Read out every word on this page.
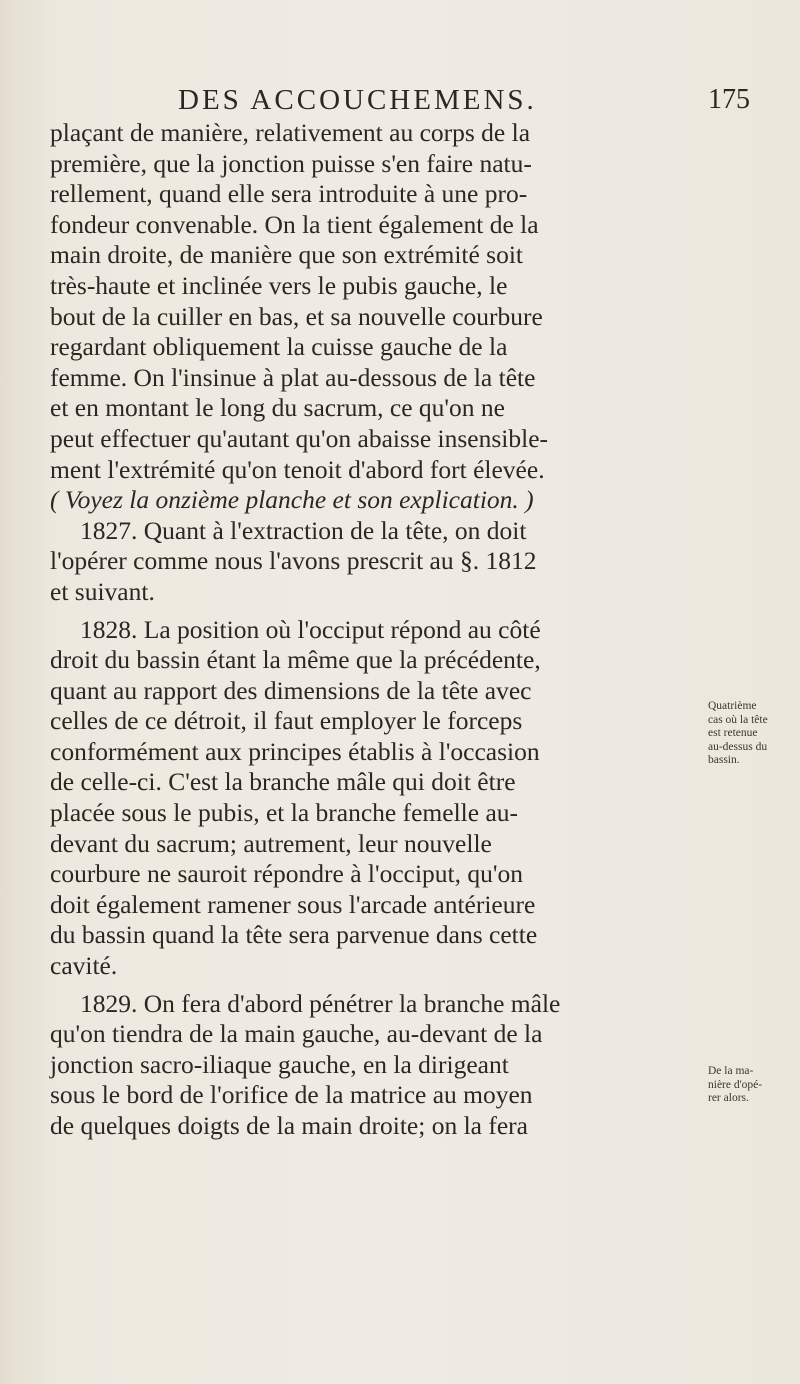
DES ACCOUCHEMENS.	175
plaçant de manière, relativement au corps de la
première, que la jonction puisse s'en faire natu-
rellement, quand elle sera introduite à une pro-
fondeur convenable. On la tient également de la
main droite, de manière que son extrémité soit
très-haute et inclinée vers le pubis gauche, le
bout de la cuiller en bas, et sa nouvelle courbure
regardant obliquement la cuisse gauche de la
femme. On l'insinue à plat au-dessous de la tête
et en montant le long du sacrum, ce qu'on ne
peut effectuer qu'autant qu'on abaisse insensible-
ment l'extrémité qu'on tenoit d'abord fort élevée.
( Voyez la onzième planche et son explication. )
1827. Quant à l'extraction de la tête, on doit
l'opérer comme nous l'avons prescrit au §. 1812
et suivant.
1828. La position où l'occiput répond au côté
droit du bassin étant la même que la précédente,
quant au rapport des dimensions de la tête avec
celles de ce détroit, il faut employer le forceps
conformément aux principes établis à l'occasion
de celle-ci. C'est la branche mâle qui doit être
placée sous le pubis, et la branche femelle au-
devant du sacrum; autrement, leur nouvelle
courbure ne sauroit répondre à l'occiput, qu'on
doit également ramener sous l'arcade antérieure
du bassin quand la tête sera parvenue dans cette
cavité.
1829. On fera d'abord pénétrer la branche mâle
qu'on tiendra de la main gauche, au-devant de la
jonction sacro-iliaque gauche, en la dirigeant
sous le bord de l'orifice de la matrice au moyen
de quelques doigts de la main droite; on la fera
Quatrième
cas où la tête
est retenue
au-dessus du
bassin.
De la ma-
nière d'opé-
rer alors.
